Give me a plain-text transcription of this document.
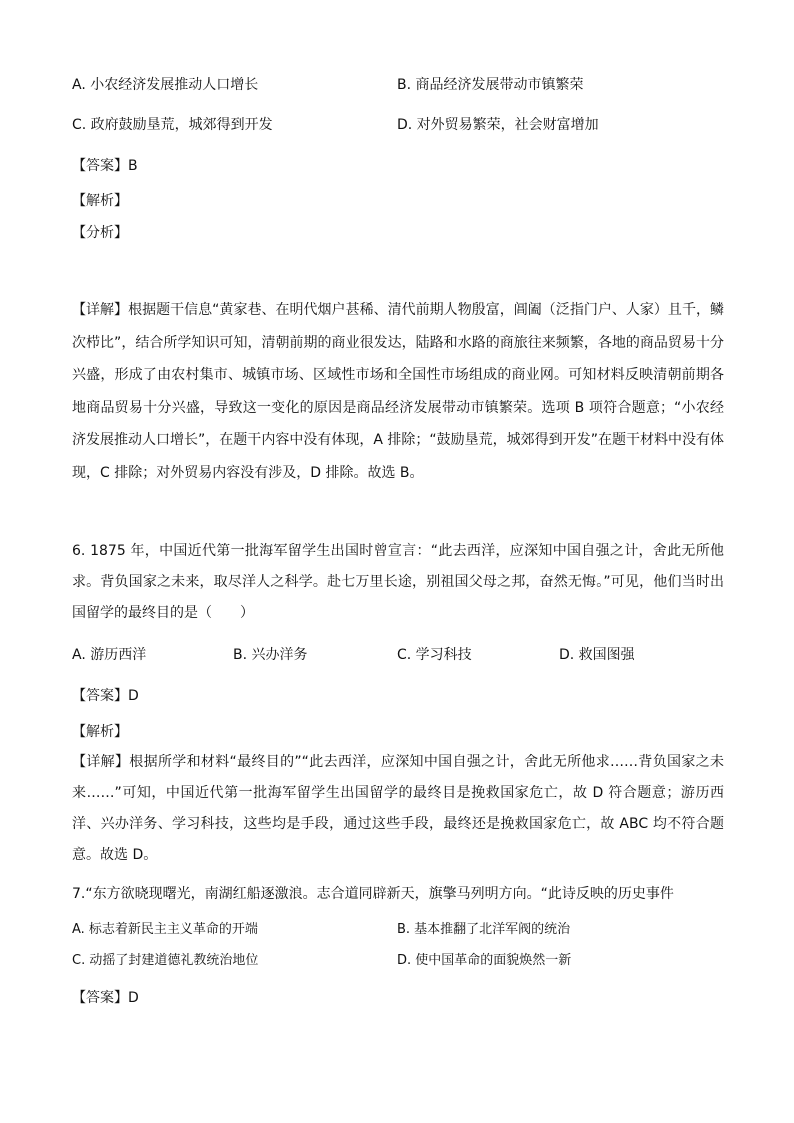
A. 小农经济发展推动人口增长	B. 商品经济发展带动市镇繁荣
C. 政府鼓励垦荒，城郊得到开发	D. 对外贸易繁荣，社会财富增加
【答案】B
【解析】
【分析】
【详解】根据题干信息“黄家巷、在明代烟户甚稀、清代前期人物殷富，阊阖（泛指门户、人家）且千，鳞次栉比”，结合所学知识可知，清朝前期的商业很发达，陆路和水路的商旅往来频繁，各地的商品贸易十分兴盛，形成了由农村集市、城镇市场、区域性市场和全国性市场组成的商业网。可知材料反映清朝前期各地商品贸易十分兴盛，导致这一变化的原因是商品经济发展带动市镇繁荣。选项 B 项符合题意；“小农经济发展推动人口增长”，在题干内容中没有体现，A 排除；“鼓励垦荒，城郊得到开发”在题干材料中没有体现，C 排除；对外贸易内容没有涉及，D 排除。故选 B。
6. 1875 年，中国近代第一批海军留学生出国时曾宣言：“此去西洋，应深知中国自强之计，舍此无所他求。背负国家之未来，取尽洋人之科学。赴七万里长途，别祖国父母之邦，奋然无悔。”可见，他们当时出国留学的最终目的是（　　）
A. 游历西洋	B. 兴办洋务	C. 学习科技	D. 救国图强
【答案】D
【解析】
【详解】根据所学和材料“最终目的”“此去西洋，应深知中国自强之计，舍此无所他求……背负国家之未来……”可知，中国近代第一批海军留学生出国留学的最终目是挽救国家危亡，故 D 符合题意；游历西洋、兴办洋务、学习科技，这些均是手段，通过这些手段，最终还是挽救国家危亡，故 ABC 均不符合题意。故选 D。
7.“东方欲晓现曙光，南湖红船逐激浪。志合道同辟新天，旗擎马列明方向。“此诗反映的历史事件
A. 标志着新民主主义革命的开端	B. 基本推翻了北洋军阀的统治
C. 动摇了封建道德礼教统治地位	D. 使中国革命的面貌焕然一新
【答案】D
